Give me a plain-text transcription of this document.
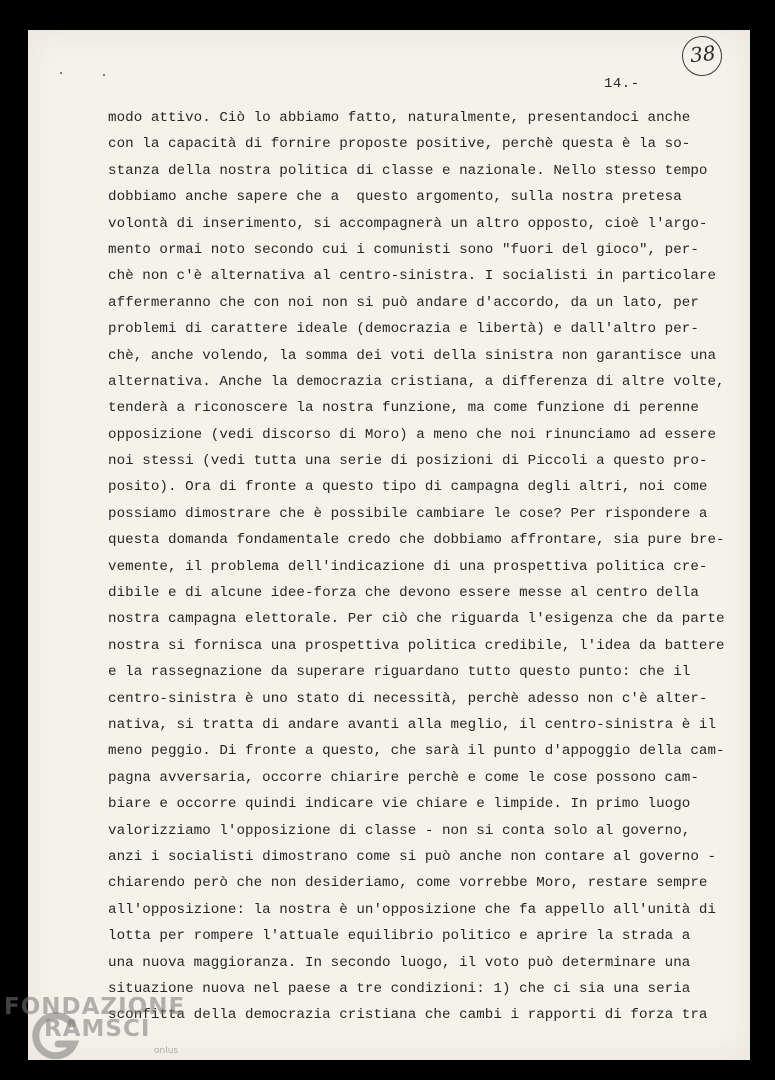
14.-
38
modo attivo. Ciò lo abbiamo fatto, naturalmente, presentandoci anche
con la capacità di fornire proposte positive, perchè questa è la so-
stanza della nostra politica di classe e nazionale. Nello stesso tempo
dobbiamo anche sapere che a  questo argomento, sulla nostra pretesa
volontà di inserimento, si accompagnerà un altro opposto, cioè l'argo-
mento ormai noto secondo cui i comunisti sono "fuori del gioco", per-
chè non c'è alternativa al centro-sinistra. I socialisti in particolare
affermeranno che con noi non si può andare d'accordo, da un lato, per
problemi di carattere ideale (democrazia e libertà) e dall'altro per-
chè, anche volendo, la somma dei voti della sinistra non garantisce una
alternativa. Anche la democrazia cristiana, a differenza di altre volte,
tenderà a riconoscere la nostra funzione, ma come funzione di perenne
opposizione (vedi discorso di Moro) a meno che noi rinunciamo ad essere
noi stessi (vedi tutta una serie di posizioni di Piccoli a questo pro-
posito). Ora di fronte a questo tipo di campagna degli altri, noi come
possiamo dimostrare che è possibile cambiare le cose? Per rispondere a
questa domanda fondamentale credo che dobbiamo affrontare, sia pure bre-
vemente, il problema dell'indicazione di una prospettiva politica cre-
dibile e di alcune idee-forza che devono essere messe al centro della
nostra campagna elettorale. Per ciò che riguarda l'esigenza che da parte
nostra si fornisca una prospettiva politica credibile, l'idea da battere
e la rassegnazione da superare riguardano tutto questo punto: che il
centro-sinistra è uno stato di necessità, perchè adesso non c'è alter-
nativa, si tratta di andare avanti alla meglio, il centro-sinistra è il
meno peggio. Di fronte a questo, che sarà il punto d'appoggio della cam-
pagna avversaria, occorre chiarire perchè e come le cose possono cam-
biare e occorre quindi indicare vie chiare e limpide. In primo luogo
valorizziamo l'opposizione di classe - non si conta solo al governo,
anzi i socialisti dimostrano come si può anche non contare al governo -
chiarendo però che non desideriamo, come vorrebbe Moro, restare sempre
all'opposizione: la nostra è un'opposizione che fa appello all'unità di
lotta per rompere l'attuale equilibrio politico e aprire la strada a
una nuova maggioranza. In secondo luogo, il voto può determinare una
situazione nuova nel paese a tre condizioni: 1) che ci sia una seria
sconfitta della democrazia cristiana che cambi i rapporti di forza tra
FONDAZIONE
RAMSCI
onlus
